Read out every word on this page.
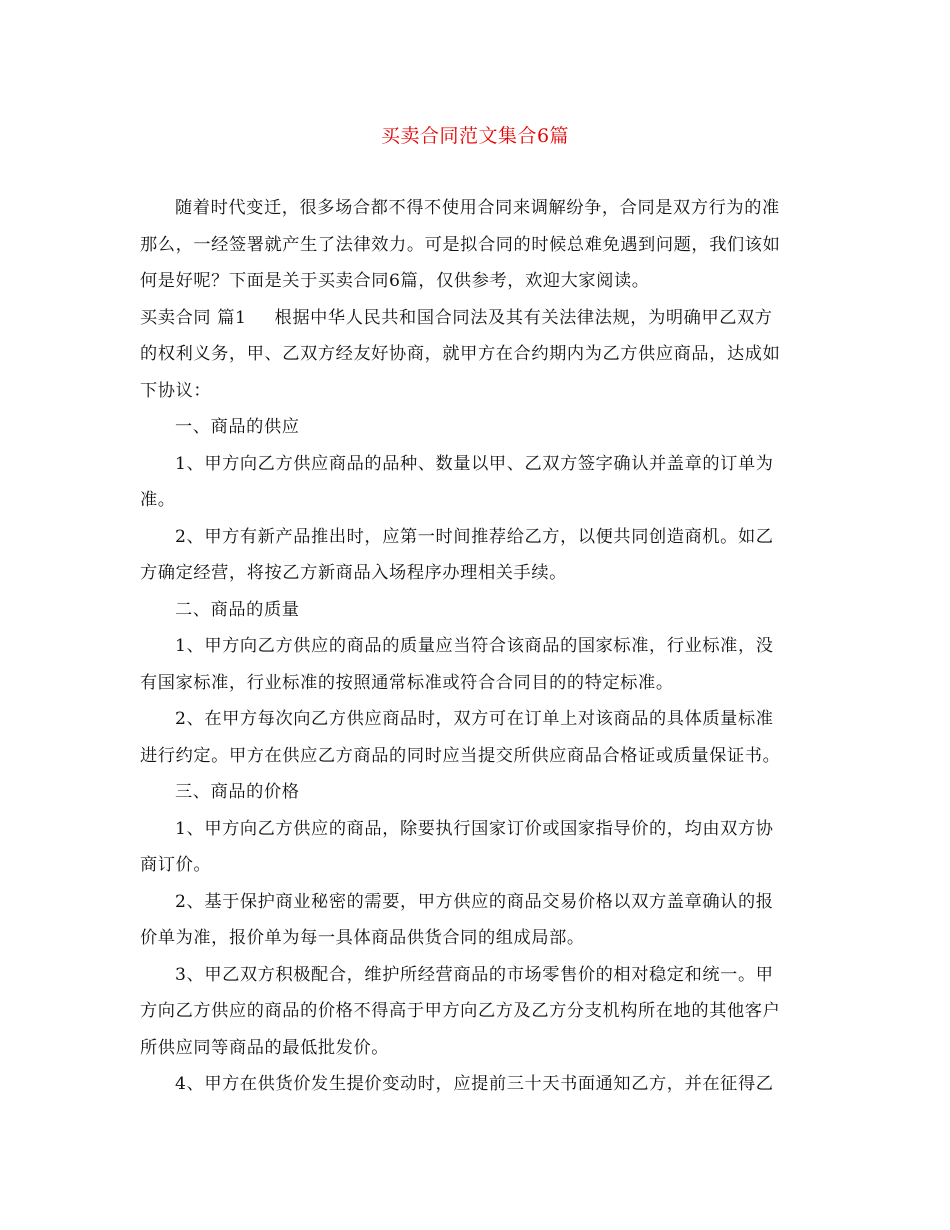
买卖合同范文集合6篇
随着时代变迁，很多场合都不得不使用合同来调解纷争，合同是双方行为的准
那么，一经签署就产生了法律效力。可是拟合同的时候总难免遇到问题，我们该如
何是好呢？下面是关于买卖合同6篇，仅供参考，欢迎大家阅读。
买卖合同 篇1 根据中华人民共和国合同法及其有关法律法规，为明确甲乙双方
的权利义务，甲、乙双方经友好协商，就甲方在合约期内为乙方供应商品，达成如
下协议：
一、商品的供应
1、甲方向乙方供应商品的品种、数量以甲、乙双方签字确认并盖章的订单为
准。
2、甲方有新产品推出时，应第一时间推荐给乙方，以便共同创造商机。如乙
方确定经营，将按乙方新商品入场程序办理相关手续。
二、商品的质量
1、甲方向乙方供应的商品的质量应当符合该商品的国家标准，行业标准，没
有国家标准，行业标准的按照通常标准或符合合同目的的特定标准。
2、在甲方每次向乙方供应商品时，双方可在订单上对该商品的具体质量标准
进行约定。甲方在供应乙方商品的同时应当提交所供应商品合格证或质量保证书。
三、商品的价格
1、甲方向乙方供应的商品，除要执行国家订价或国家指导价的，均由双方协
商订价。
2、基于保护商业秘密的需要，甲方供应的商品交易价格以双方盖章确认的报
价单为准，报价单为每一具体商品供货合同的组成局部。
3、甲乙双方积极配合，维护所经营商品的市场零售价的相对稳定和统一。甲
方向乙方供应的商品的价格不得高于甲方向乙方及乙方分支机构所在地的其他客户
所供应同等商品的最低批发价。
4、甲方在供货价发生提价变动时，应提前三十天书面通知乙方，并在征得乙
